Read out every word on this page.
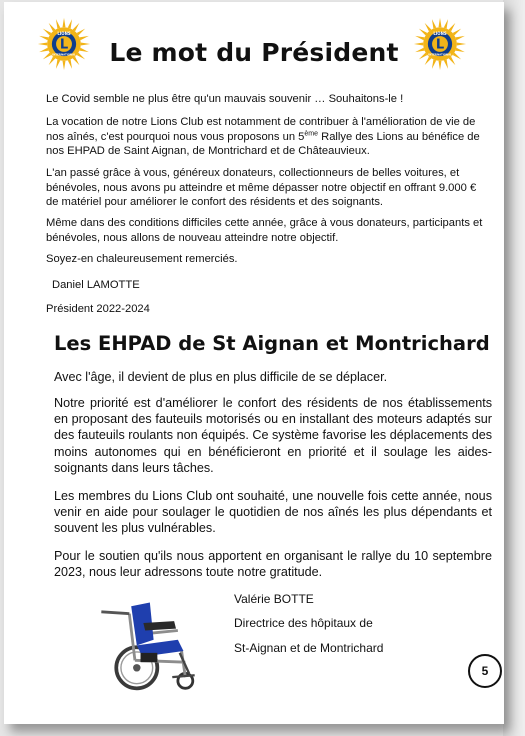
L
LIONS
INTERNATIONAL	Le mot du Président	L
LIONS
INTERNATIONAL

Le Covid semble ne plus être qu'un mauvais souvenir … Souhaitons-le !

La vocation de notre Lions Club est notamment de contribuer à l'amélioration de vie de nos aînés, c'est pourquoi nous vous proposons un 5ème Rallye des Lions au bénéfice de nos EHPAD de Saint Aignan, de Montrichard et de Châteauvieux.

L'an passé grâce à vous, généreux donateurs, collectionneurs de belles voitures, et bénévoles, nous avons pu atteindre et même dépasser notre objectif en offrant 9.000 € de matériel pour améliorer le confort des résidents et des soignants.

Même dans des conditions difficiles cette année, grâce à vous donateurs, participants et bénévoles, nous allons de nouveau atteindre notre objectif.

Soyez-en chaleureusement remerciés.

Daniel LAMOTTE

Président 2022-2024

Les EHPAD de St Aignan et Montrichard

Avec l'âge, il devient de plus en plus difficile de se déplacer.

Notre priorité est d'améliorer le confort des résidents de nos établissements en proposant des fauteuils motorisés ou en installant des moteurs adaptés sur des fauteuils roulants non équipés. Ce système favorise les déplacements des moins autonomes qui en bénéficieront en priorité et il soulage les aides-soignants dans leurs tâches.

Les membres du Lions Club ont souhaité, une nouvelle fois cette année, nous venir en aide pour soulager le quotidien de nos aînés les plus dépendants et souvent les plus vulnérables.

Pour le soutien qu'ils nous apportent en organisant le rallye du 10 septembre 2023, nous leur adressons toute notre gratitude.

Valérie BOTTE

Directrice des hôpitaux de

St-Aignan et de Montrichard

5
